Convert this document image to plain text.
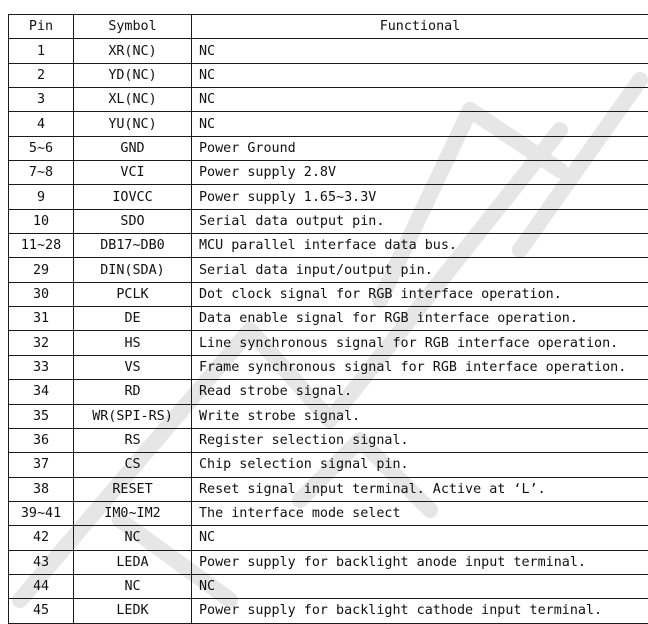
Pin	Symbol	Functional
1	XR(NC)	NC
2	YD(NC)	NC
3	XL(NC)	NC
4	YU(NC)	NC
5~6	GND	Power Ground
7~8	VCI	Power supply 2.8V
9	IOVCC	Power supply 1.65~3.3V
10	SDO	Serial data output pin.
11~28	DB17~DB0	MCU parallel interface data bus.
29	DIN(SDA)	Serial data input/output pin.
30	PCLK	Dot clock signal for RGB interface operation.
31	DE	Data enable signal for RGB interface operation.
32	HS	Line synchronous signal for RGB interface operation.
33	VS	Frame synchronous signal for RGB interface operation.
34	RD	Read strobe signal.
35	WR(SPI-RS)	Write strobe signal.
36	RS	Register selection signal.
37	CS	Chip selection signal pin.
38	RESET	Reset signal input terminal. Active at ‘L’.
39~41	IM0~IM2	The interface mode select
42	NC	NC
43	LEDA	Power supply for backlight anode input terminal.
44	NC	NC
45	LEDK	Power supply for backlight cathode input terminal.
